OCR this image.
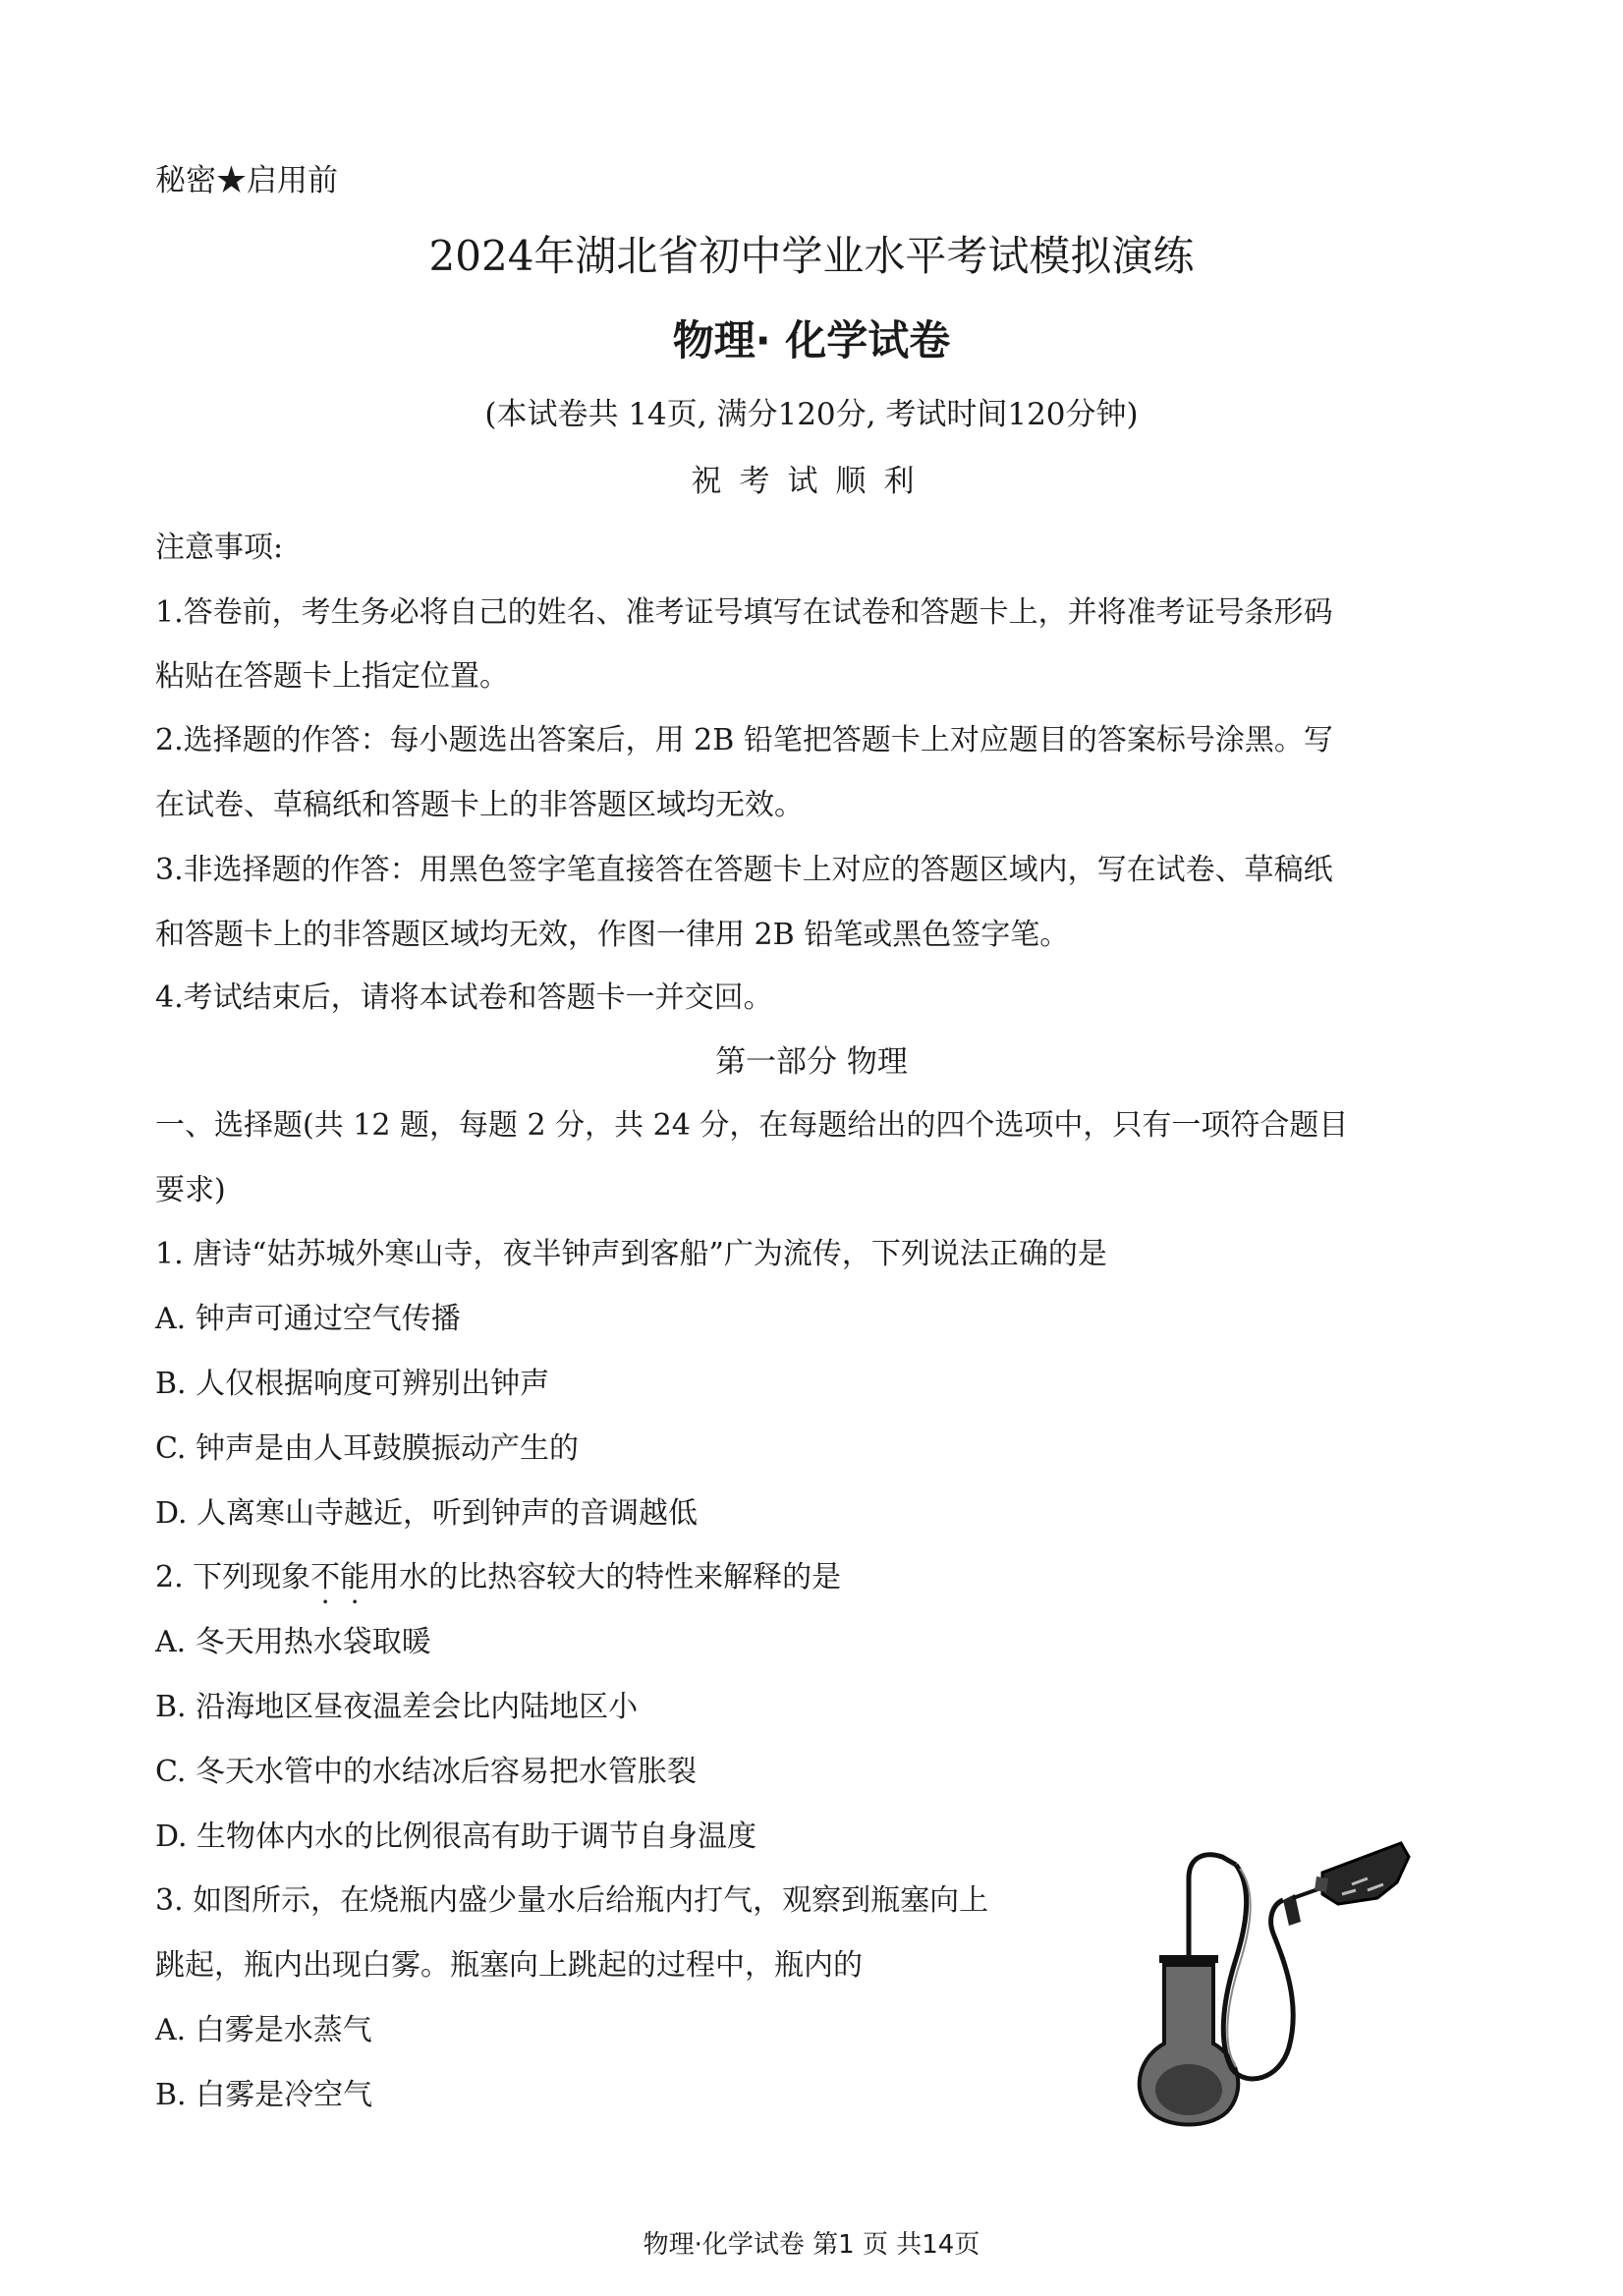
秘密★启用前
2024年湖北省初中学业水平考试模拟演练
物理· 化学试卷
(本试卷共 14页, 满分120分, 考试时间120分钟)
祝考试顺利
注意事项:
1.答卷前，考生务必将自己的姓名、准考证号填写在试卷和答题卡上，并将准考证号条形码
粘贴在答题卡上指定位置。
2.选择题的作答：每小题选出答案后，用 2B 铅笔把答题卡上对应题目的答案标号涂黑。写
在试卷、草稿纸和答题卡上的非答题区域均无效。
3.非选择题的作答：用黑色签字笔直接答在答题卡上对应的答题区域内，写在试卷、草稿纸
和答题卡上的非答题区域均无效，作图一律用 2B 铅笔或黑色签字笔。
4.考试结束后，请将本试卷和答题卡一并交回。
第一部分 物理
一、选择题(共 12 题，每题 2 分，共 24 分，在每题给出的四个选项中，只有一项符合题目
要求)
1. 唐诗“姑苏城外寒山寺，夜半钟声到客船”广为流传，下列说法正确的是
A. 钟声可通过空气传播
B. 人仅根据响度可辨别出钟声
C. 钟声是由人耳鼓膜振动产生的
D. 人离寒山寺越近，听到钟声的音调越低
2. 下列现象不能用水的比热容较大的特性来解释的是
A. 冬天用热水袋取暖
B. 沿海地区昼夜温差会比内陆地区小
C. 冬天水管中的水结冰后容易把水管胀裂
D. 生物体内水的比例很高有助于调节自身温度
3. 如图所示，在烧瓶内盛少量水后给瓶内打气，观察到瓶塞向上
跳起，瓶内出现白雾。瓶塞向上跳起的过程中，瓶内的
A. 白雾是水蒸气
B. 白雾是冷空气
物理·化学试卷 第1 页 共14页
